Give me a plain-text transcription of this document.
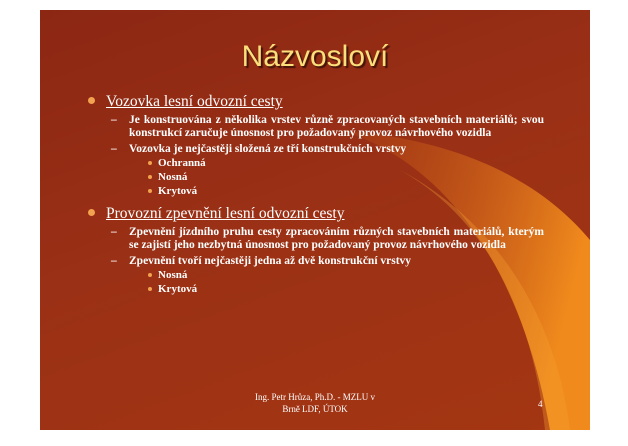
Názvosloví
Vozovka lesní odvozní cesty
– Je konstruována z několika vrstev různě zpracovaných stavebních materiálů; svou konstrukcí zaručuje únosnost pro požadovaný provoz návrhového vozidla
– Vozovka je nejčastěji složená ze tří konstrukčních vrstvy
Ochranná
Nosná
Krytová
Provozní zpevnění lesní odvozní cesty
– Zpevnění jízdního pruhu cesty zpracováním různých stavebních materiálů, kterým se zajistí jeho nezbytná únosnost pro požadovaný provoz návrhového vozidla
– Zpevnění tvoří nejčastěji jedna až dvě konstrukční vrstvy
Nosná
Krytová
Ing. Petr Hrůza, Ph.D. - MZLU v
Brně LDF, ÚTOK	4
